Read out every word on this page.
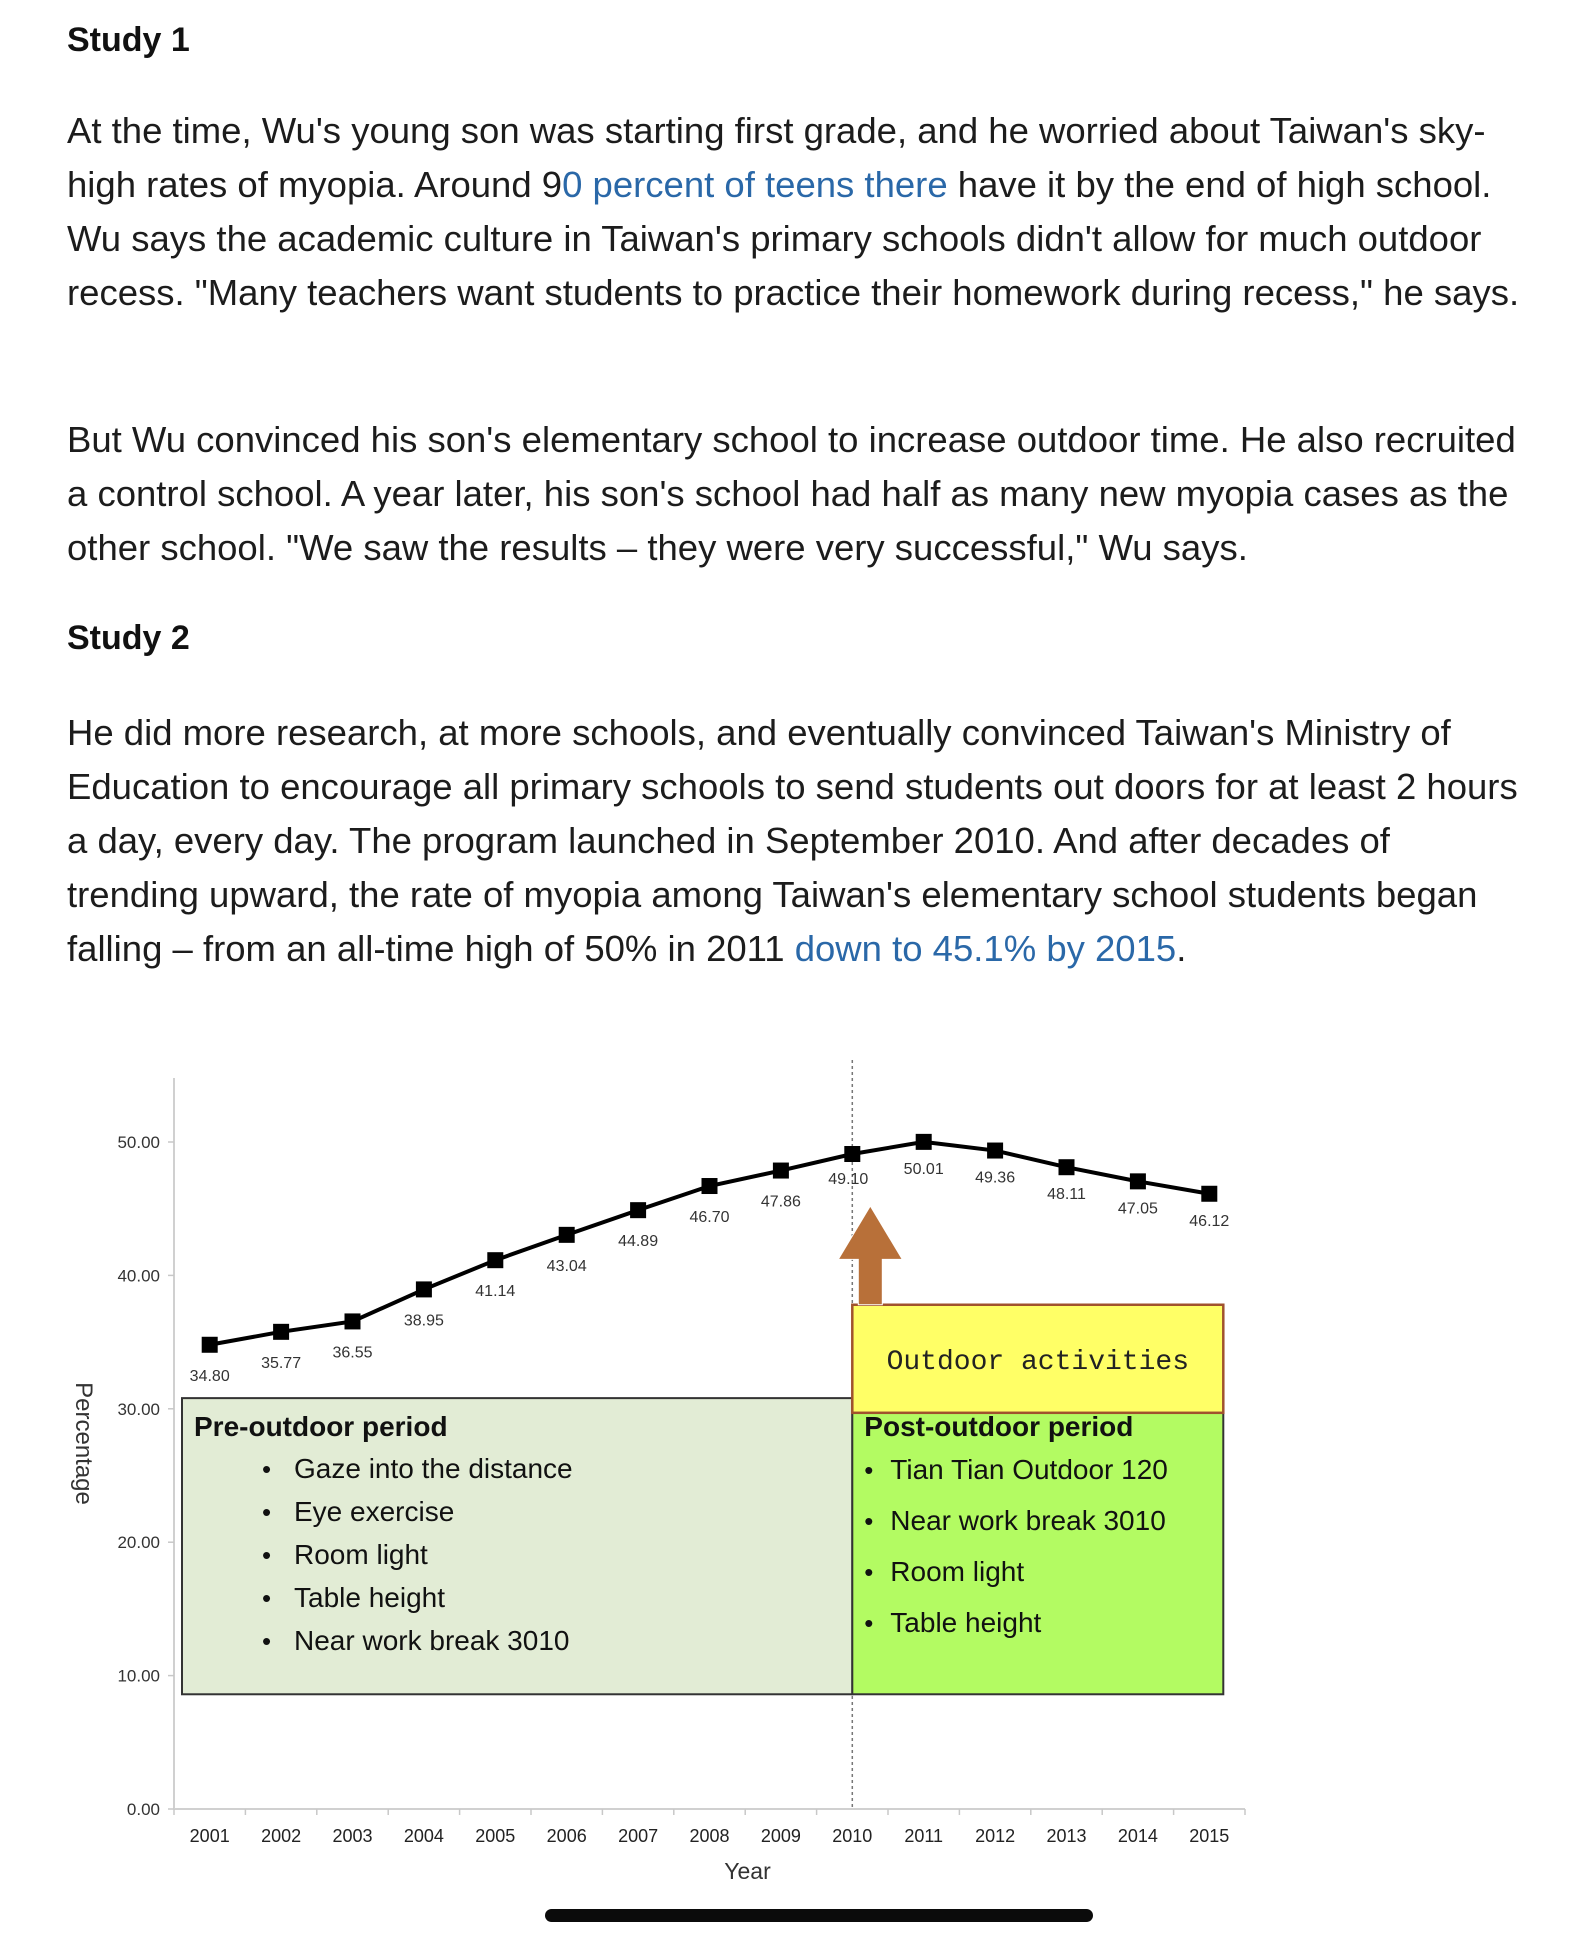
Study 1
At the time, Wu's young son was starting first grade, and he worried about Taiwan's sky-high rates of myopia. Around 90 percent of teens there have it by the end of high school. Wu says the academic culture in Taiwan's primary schools didn't allow for much outdoor recess. "Many teachers want students to practice their homework during recess," he says.
But Wu convinced his son's elementary school to increase outdoor time. He also recruited a control school. A year later, his son's school had half as many new myopia cases as the other school. "We saw the results – they were very successful," Wu says.
Study 2
He did more research, at more schools, and eventually convinced Taiwan's Ministry of Education to encourage all primary schools to send students out doors for at least 2 hours a day, every day. The program launched in September 2010. And after decades of trending upward, the rate of myopia among Taiwan's elementary school students began falling – from an all-time high of 50% in 2011 down to 45.1% by 2015.
0.00
10.00
20.00
30.00
40.00
50.00
2001 2002 2003 2004 2005 2006 2007 2008 2009 2010 2011 2012 2013 2014 2015
Year
Percentage
Outdoor activities
Pre-outdoor period
• Gaze into the distance
• Eye exercise
• Room light
• Table height
• Near work break 3010
Post-outdoor period
• Tian Tian Outdoor 120
• Near work break 3010
• Room light
• Table height
34.80
35.77
36.55
38.95
41.14
43.04
44.89
46.70
47.86
49.10
50.01
49.36
48.11
47.05
46.12
